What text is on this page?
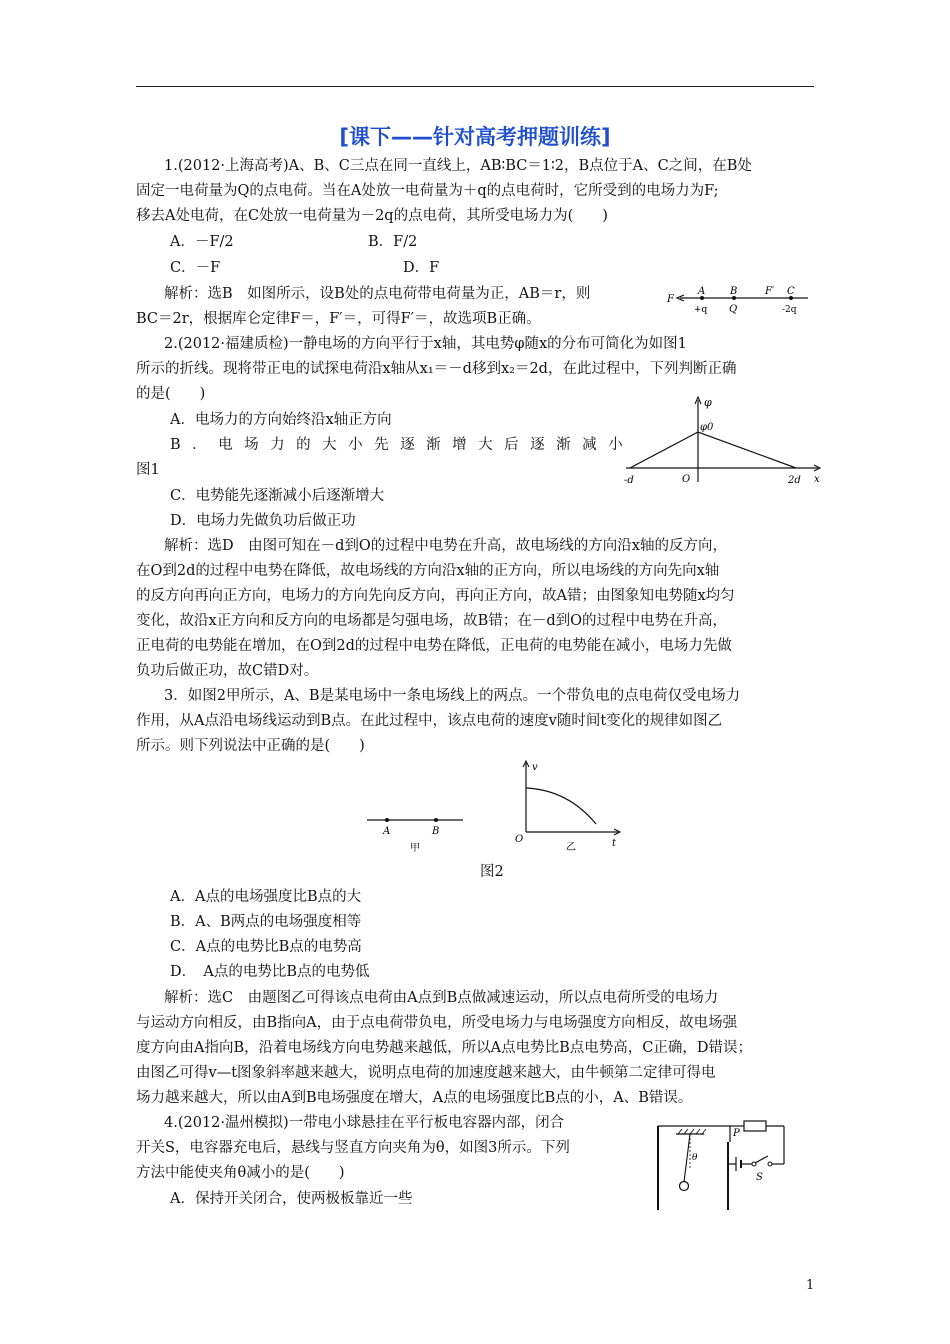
[课下——针对高考押题训练]
1.(2012·上海高考)A、B、C三点在同一直线上，AB∶BC＝1∶2，B点位于A、C之间，在B处
固定一电荷量为Q的点电荷。当在A处放一电荷量为＋q的点电荷时，它所受到的电场力为F;
移去A处电荷，在C处放一电荷量为－2q的点电荷，其所受电场力为(　　)
A．－F/2	B．F/2
C．－F	D．F
解析：选B　如图所示，设B处的点电荷带电荷量为正，AB＝r，则
BC＝2r，根据库仑定律F＝，F′＝，可得F′＝，故选项B正确。
F
A
+q
B
Q
F′ C
-2q
2.(2012·福建质检)一静电场的方向平行于x轴，其电势φ随x的分布可简化为如图1
所示的折线。现将带正电的试探电荷沿x轴从x₁＝－d移到x₂＝2d，在此过程中，下列判断正确
的是(　　)
A．电场力的方向始终沿x轴正方向
B．电场力的大小先逐渐增大后逐渐减小
图1
C．电势能先逐渐减小后逐渐增大
D．电场力先做负功后做正功
解析：选D　由图可知在－d到O的过程中电势在升高，故电场线的方向沿x轴的反方向，
在O到2d的过程中电势在降低，故电场线的方向沿x轴的正方向，所以电场线的方向先向x轴
的反方向再向正方向，电场力的方向先向反方向，再向正方向，故A错；由图象知电势随x均匀
变化，故沿x正方向和反方向的电场都是匀强电场，故B错；在－d到O的过程中电势在升高，
正电荷的电势能在增加，在O到2d的过程中电势在降低，正电荷的电势能在减小，电场力先做
负功后做正功，故C错D对。
φ
φ0
-d	O	2d x
3．如图2甲所示，A、B是某电场中一条电场线上的两点。一个带负电的点电荷仅受电场力
作用，从A点沿电场线运动到B点。在此过程中，该点电荷的速度v随时间t变化的规律如图乙
所示。则下列说法中正确的是(　　)
A	B
甲
v
O	t
乙
图2
A．A点的电场强度比B点的大
B．A、B两点的电场强度相等
C．A点的电势比B点的电势高
D．　A点的电势比B点的电势低
解析：选C　由题图乙可得该点电荷由A点到B点做减速运动，所以点电荷所受的电场力
与运动方向相反，由B指向A，由于点电荷带负电，所受电场力与电场强度方向相反，故电场强
度方向由A指向B，沿着电场线方向电势越来越低，所以A点电势比B点电势高，C正确，D错误；
由图乙可得v—t图象斜率越来越大，说明点电荷的加速度越来越大，由牛顿第二定律可得电
场力越来越大，所以由A到B电场强度在增大，A点的电场强度比B点的小，A、B错误。
4.(2012·温州模拟)一带电小球悬挂在平行板电容器内部，闭合
开关S，电容器充电后，悬线与竖直方向夹角为θ，如图3所示。下列
方法中能使夹角θ减小的是(　　)
A．保持开关闭合，使两极板靠近一些
θ
P
S
1
